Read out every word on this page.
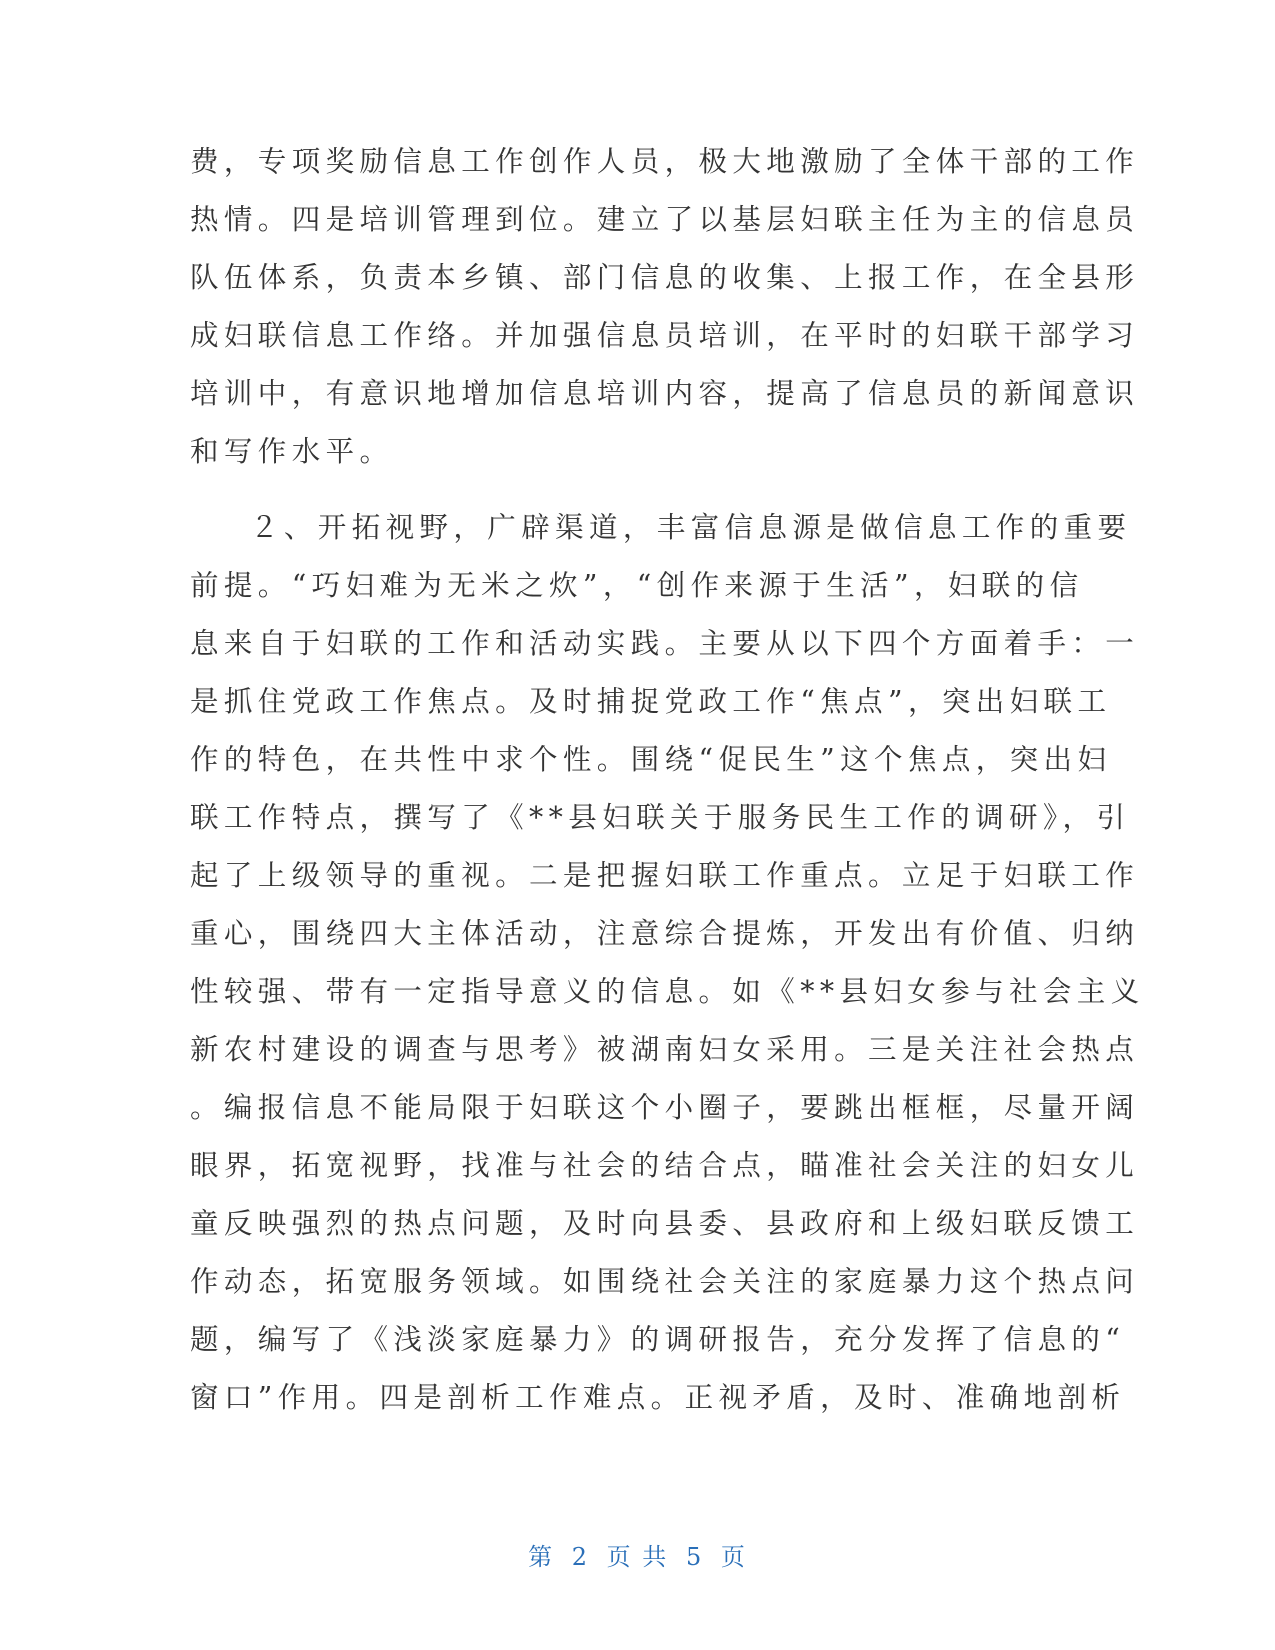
费，专项奖励信息工作创作人员，极大地激励了全体干部的工作
热情。四是培训管理到位。建立了以基层妇联主任为主的信息员
队伍体系，负责本乡镇、部门信息的收集、上报工作，在全县形
成妇联信息工作络。并加强信息员培训，在平时的妇联干部学习
培训中，有意识地增加信息培训内容，提高了信息员的新闻意识
和写作水平。
２、开拓视野，广辟渠道，丰富信息源是做信息工作的重要
前提。“巧妇难为无米之炊”，“创作来源于生活”，妇联的信
息来自于妇联的工作和活动实践。主要从以下四个方面着手：一
是抓住党政工作焦点。及时捕捉党政工作“焦点”，突出妇联工
作的特色，在共性中求个性。围绕“促民生”这个焦点，突出妇
联工作特点，撰写了《**县妇联关于服务民生工作的调研》，引
起了上级领导的重视。二是把握妇联工作重点。立足于妇联工作
重心，围绕四大主体活动，注意综合提炼，开发出有价值、归纳
性较强、带有一定指导意义的信息。如《**县妇女参与社会主义
新农村建设的调查与思考》被湖南妇女采用。三是关注社会热点
。编报信息不能局限于妇联这个小圈子，要跳出框框，尽量开阔
眼界，拓宽视野，找准与社会的结合点，瞄准社会关注的妇女儿
童反映强烈的热点问题，及时向县委、县政府和上级妇联反馈工
作动态，拓宽服务领域。如围绕社会关注的家庭暴力这个热点问
题，编写了《浅淡家庭暴力》的调研报告，充分发挥了信息的“
窗口”作用。四是剖析工作难点。正视矛盾，及时、准确地剖析
第 2 页 共 5 页
